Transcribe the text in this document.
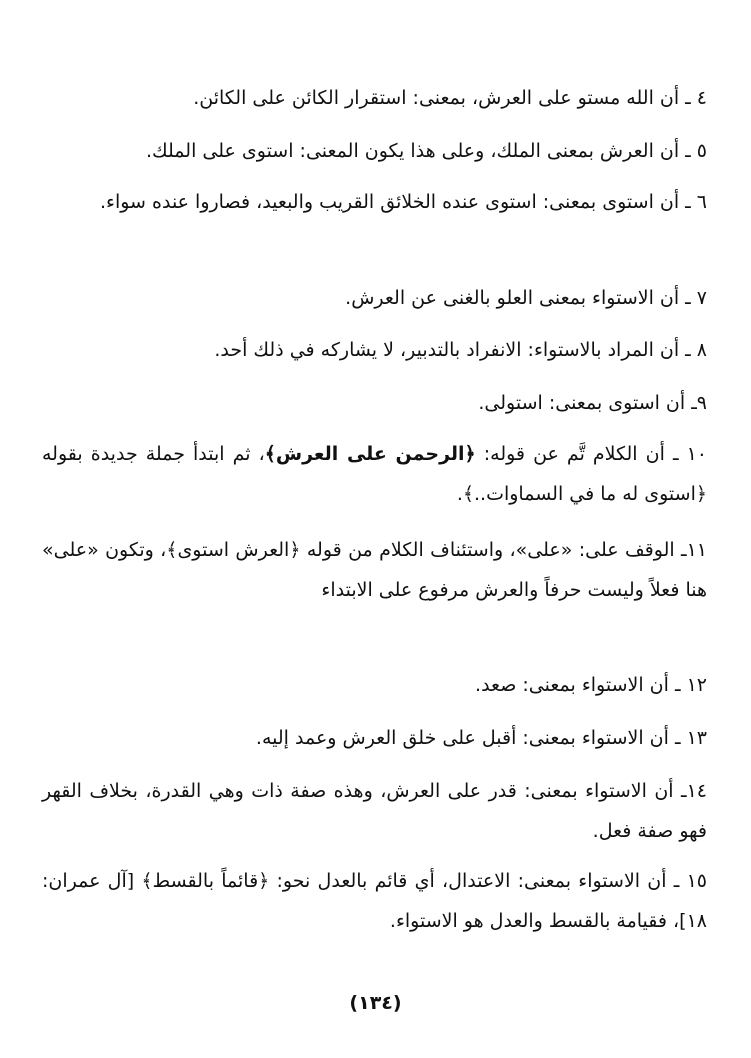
٤ ـ أن الله مستو على العرش، بمعنى: استقرار الكائن على الكائن.
٥ ـ أن العرش بمعنى الملك، وعلى هذا يكون المعنى: استوى على الملك.
٦ ـ أن استوى بمعنى: استوى عنده الخلائق القريب والبعيد، فصاروا عنده سواء.
٧ ـ أن الاستواء بمعنى العلو بالغنى عن العرش.
٨ ـ أن المراد بالاستواء: الانفراد بالتدبير، لا يشاركه في ذلك أحد.
٩ـ أن استوى بمعنى: استولى.
١٠ ـ أن الكلام تَّم عن قوله: ﴿الرحمن على العرش﴾، ثم ابتدأ جملة جديدة بقوله ﴿استوى له ما في السماوات..﴾.
١١ـ الوقف على: «على»، واستئناف الكلام من قوله ﴿العرش استوى﴾، وتكون «على» هنا فعلاً وليست حرفاً والعرش مرفوع على الابتداء
١٢ ـ أن الاستواء بمعنى: صعد.
١٣ ـ أن الاستواء بمعنى: أقبل على خلق العرش وعمد إليه.
١٤ـ أن الاستواء بمعنى: قدر على العرش، وهذه صفة ذات وهي القدرة، بخلاف القهر فهو صفة فعل.
١٥ ـ أن الاستواء بمعنى: الاعتدال، أي قائم بالعدل نحو: ﴿قائماً بالقسط﴾ [آل عمران: ١٨]، فقيامة بالقسط والعدل هو الاستواء.
(١٣٤)
